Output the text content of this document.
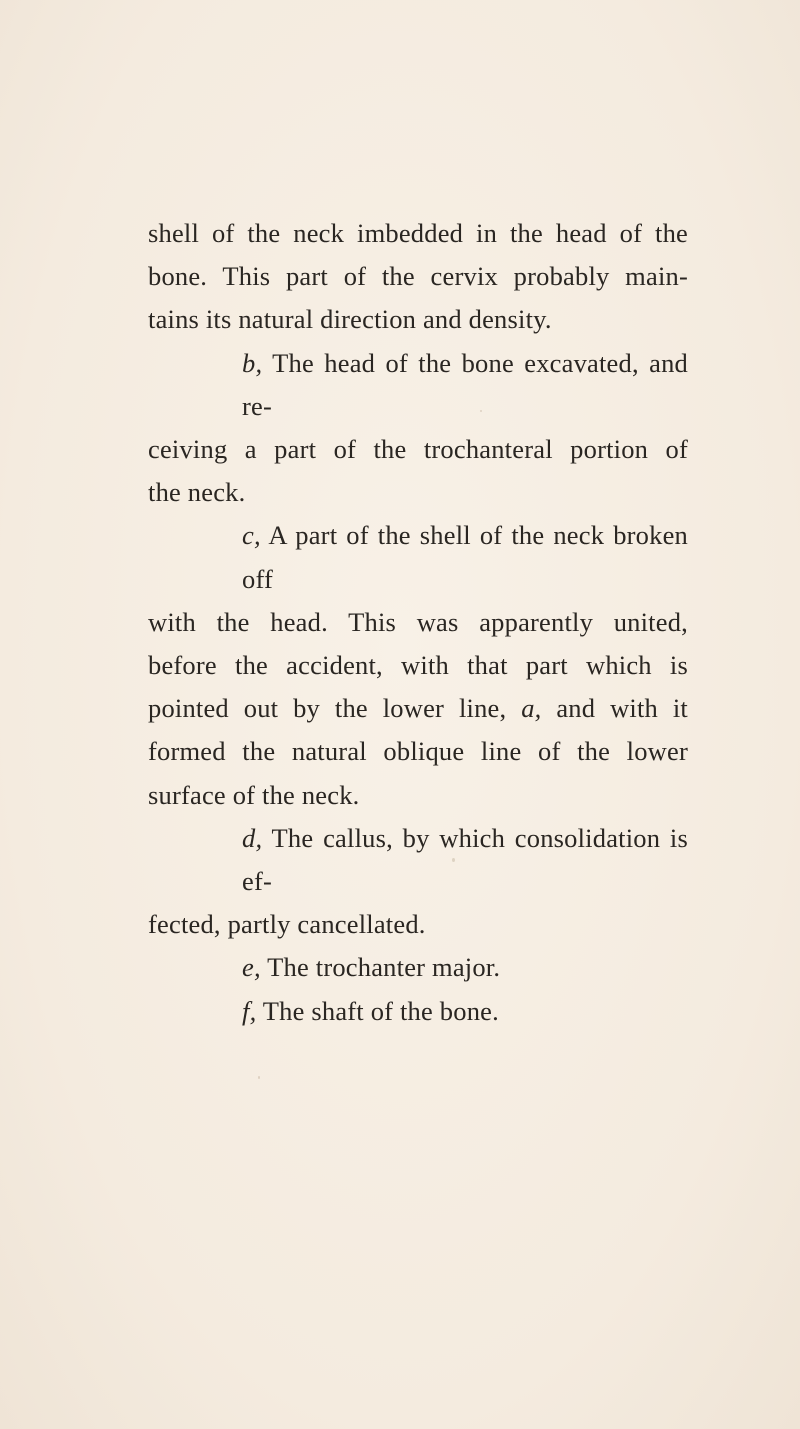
shell of the neck imbedded in the head of the
bone. This part of the cervix probably main-
tains its natural direction and density.

b, The head of the bone excavated, and re-
ceiving a part of the trochanteral portion of
the neck.

c, A part of the shell of the neck broken off
with the head. This was apparently united,
before the accident, with that part which is
pointed out by the lower line, a, and with it
formed the natural oblique line of the lower
surface of the neck.

d, The callus, by which consolidation is ef-
fected, partly cancellated.

e, The trochanter major.

f, The shaft of the bone.
